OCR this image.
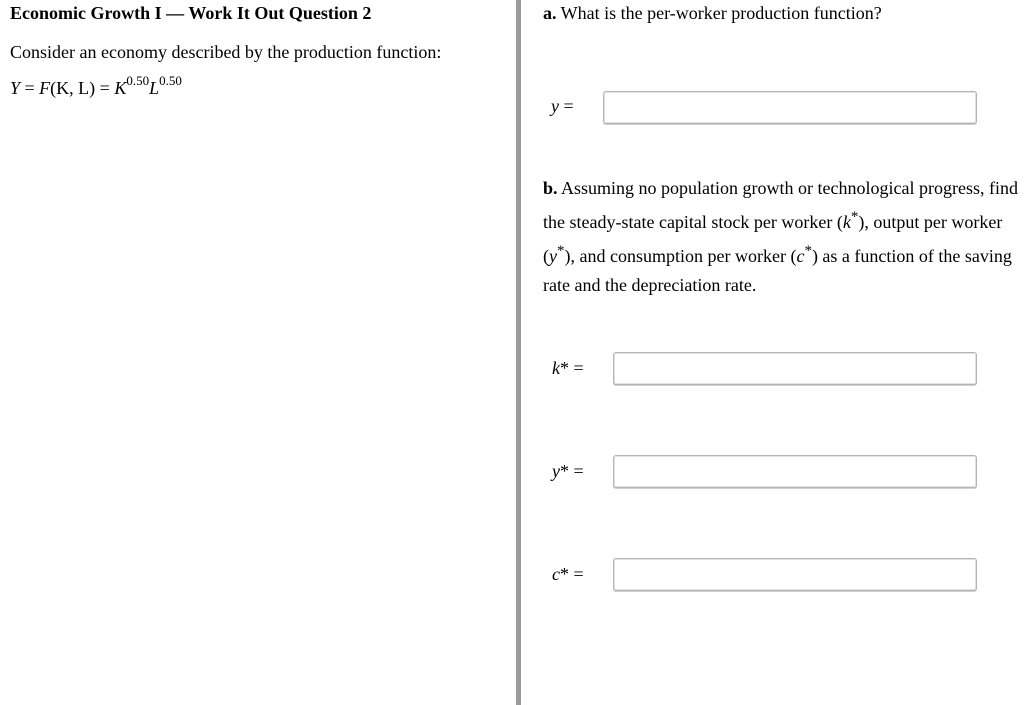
Economic Growth I — Work It Out Question 2
Consider an economy described by the production function:
Y = F(K, $L) = K^{0.50}L^{0.50}$
a. What is the per-worker production function?
y =
b. Assuming no population growth or technological progress, find the steady-state capital stock per worker (k*), output per worker (y*), and consumption per worker (c*) as a function of the saving rate and the depreciation rate.
k* =
y* =
c* =
